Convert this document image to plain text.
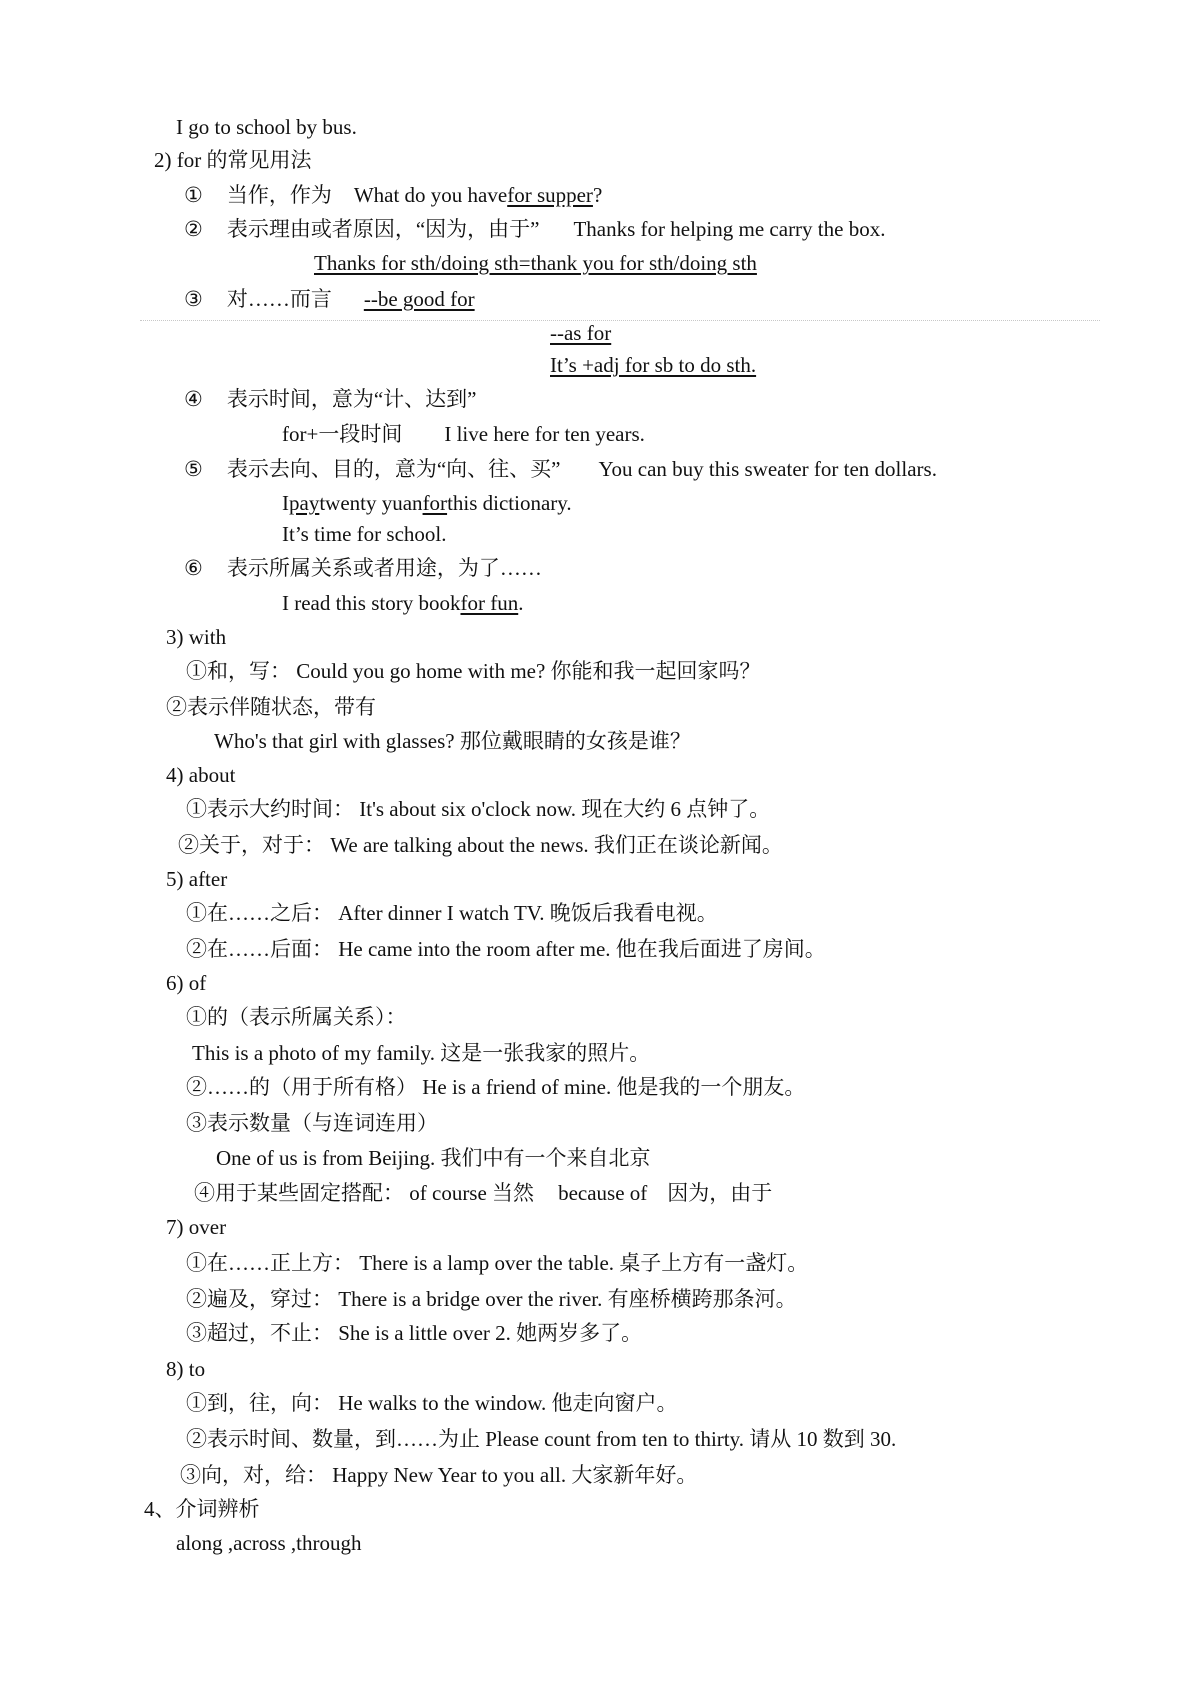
I go to school by bus.
2) for 的常见用法
① 当作，作为 What do you havefor supper?
② 表示理由或者原因，“因为，由于” Thanks for helping me carry the box.
Thanks for sth/doing sth=thank you for sth/doing sth
③ 对……而言 --be good for
--as for
It’s +adj for sb to do sth.
④ 表示时间，意为“计、达到”
for+一段时间 I live here for ten years.
⑤ 表示去向、目的，意为“向、往、买” You can buy this sweater for ten dollars.
Ipaytwenty yuanforthis dictionary.
It’s time for school.
⑥ 表示所属关系或者用途，为了……
I read this story bookfor fun.
3) with
①和，写： Could you go home with me? 你能和我一起回家吗？
②表示伴随状态，带有
Who's that girl with glasses? 那位戴眼睛的女孩是谁？
4) about
①表示大约时间： It's about six o'clock now. 现在大约 6 点钟了。
②关于，对于： We are talking about the news. 我们正在谈论新闻。
5) after
①在……之后： After dinner I watch TV. 晚饭后我看电视。
②在……后面： He came into the room after me. 他在我后面进了房间。
6) of
①的（表示所属关系）：
This is a photo of my family. 这是一张我家的照片。
②……的（用于所有格） He is a friend of mine. 他是我的一个朋友。
③表示数量（与连词连用）
One of us is from Beijing. 我们中有一个来自北京
④用于某些固定搭配： of course 当然 because of 因为，由于
7) over
①在……正上方： There is a lamp over the table. 桌子上方有一盏灯。
②遍及，穿过： There is a bridge over the river. 有座桥横跨那条河。
③超过，不止： She is a little over 2. 她两岁多了。
8) to
①到，往，向： He walks to the window. 他走向窗户。
②表示时间、数量，到……为止 Please count from ten to thirty. 请从 10 数到 30.
③向，对，给： Happy New Year to you all. 大家新年好。
4、介词辨析
along ,across ,through
